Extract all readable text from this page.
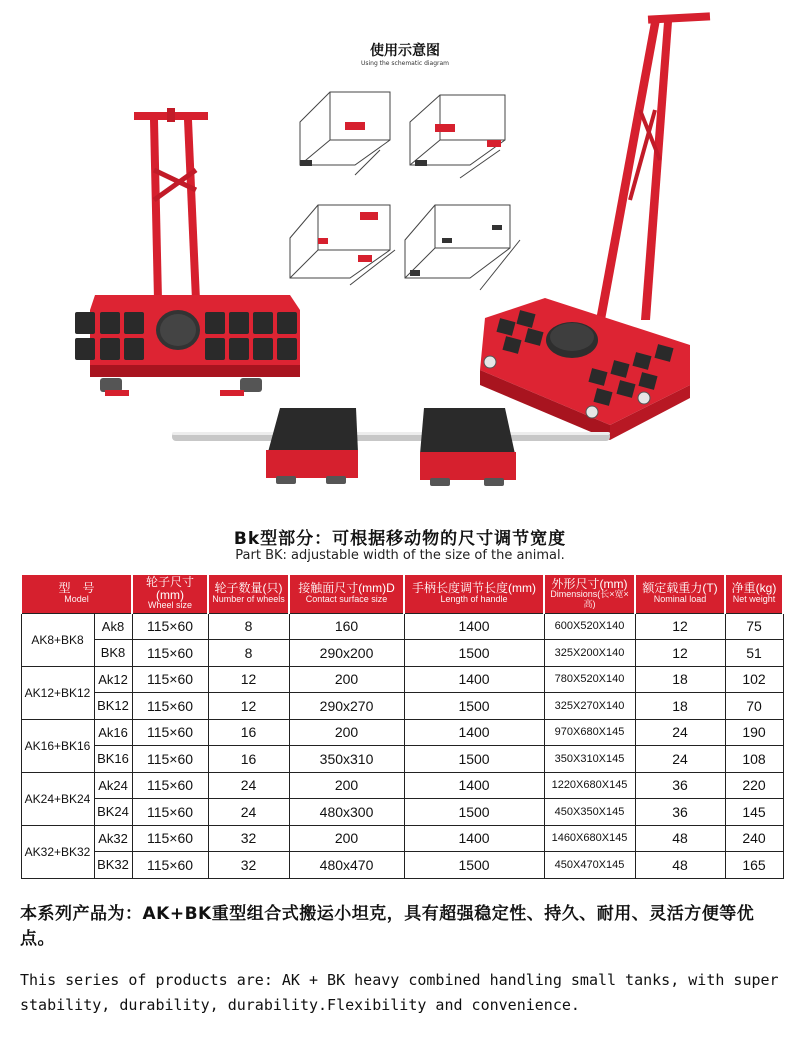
使用示意图
Using the schematic diagram
Bk型部分：可根据移动物的尺寸调节宽度
Part BK: adjustable width of the size of the animal.
型　号
Model		轮子尺寸(mm)
Wheel size	轮子数量(只)
Number of wheels	接触面尺寸(mm)D
Contact surface size	手柄长度调节长度(mm)
Length of handle	外形尺寸(mm)
Dimensions(长×宽×高)	额定载重力(T)
Nominal load	净重(kg)
Net weight

AK8+BK8	Ak8	115×60	8	160	1400	600X520X140	12	75
	BK8	115×60	8	290x200	1500	325X200X140	12	51
AK12+BK12	Ak12	115×60	12	200	1400	780X520X140	18	102
	BK12	115×60	12	290x270	1500	325X270X140	18	70
AK16+BK16	Ak16	115×60	16	200	1400	970X680X145	24	190
	BK16	115×60	16	350x310	1500	350X310X145	24	108
AK24+BK24	Ak24	115×60	24	200	1400	1220X680X145	36	220
	BK24	115×60	24	480x300	1500	450X350X145	36	145
AK32+BK32	Ak32	115×60	32	200	1400	1460X680X145	48	240
	BK32	115×60	32	480x470	1500	450X470X145	48	165
本系列产品为：AK+BK重型组合式搬运小坦克，具有超强稳定性、持久、耐用、灵活方便等优点。
This series of products are: AK + BK heavy combined handling small tanks, with super stability, durability, durability.Flexibility and convenience.
